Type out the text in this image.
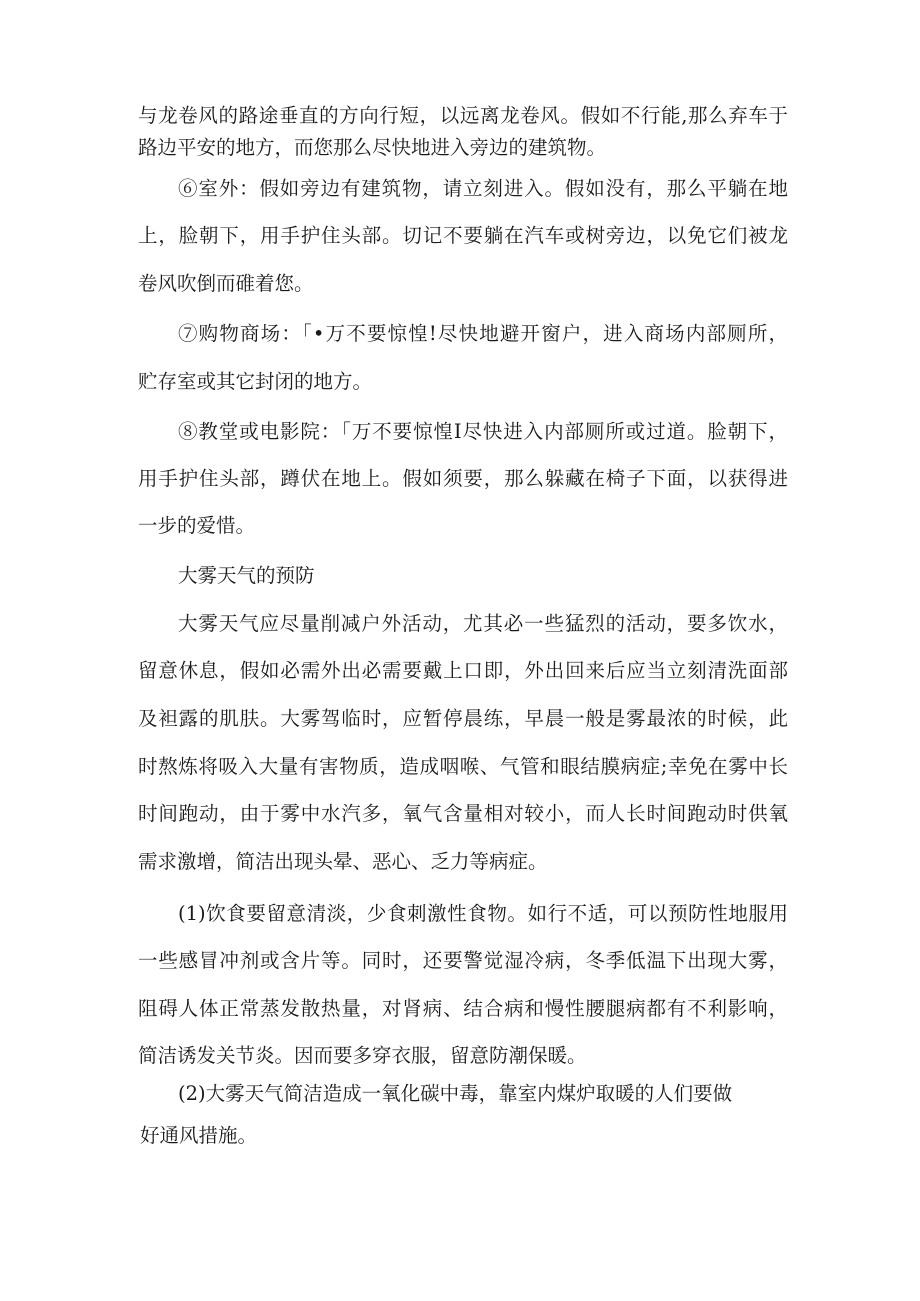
与龙卷风的路途垂直的方向行短，以远离龙卷风。假如不行能,那么弃车于
路边平安的地方，而您那么尽快地进入旁边的建筑物。
⑥室外：假如旁边有建筑物，请立刻进入。假如没有，那么平躺在地
上，脸朝下，用手护住头部。切记不要躺在汽车或树旁边，以免它们被龙
卷风吹倒而碓着您。
⑦购物商场：「•万不要惊惶!尽快地避开窗户，进入商场内部厕所，
贮存室或其它封闭的地方。
⑧教堂或电影院：「万不要惊惶I尽快进入内部厕所或过道。脸朝下，
用手护住头部，蹲伏在地上。假如须要，那么躲藏在椅子下面，以获得进
一步的爱惜。
大雾天气的预防
大雾天气应尽量削减户外活动，尤其必一些猛烈的活动，要多饮水，
留意休息，假如必需外出必需要戴上口即，外出回来后应当立刻清洗面部
及袒露的肌肤。大雾驾临时，应暂停晨练，早晨一般是雾最浓的时候，此
时熬炼将吸入大量有害物质，造成咽喉、气管和眼结膜病症;幸免在雾中长
时间跑动，由于雾中水汽多，氧气含量相对较小，而人长时间跑动时供氧
需求激增，简洁出现头晕、恶心、乏力等病症。
(1)饮食要留意清淡，少食刺激性食物。如行不适，可以预防性地服用
一些感冒冲剂或含片等。同时，还要警觉湿冷病，冬季低温下出现大雾，
阻碍人体正常蒸发散热量，对肾病、结合病和慢性腰腿病都有不利影响，
简洁诱发关节炎。因而要多穿衣服，留意防潮保暖。
(2)大雾天气简洁造成一氧化碳中毒，靠室内煤炉取暖的人们要做
好通风措施。
